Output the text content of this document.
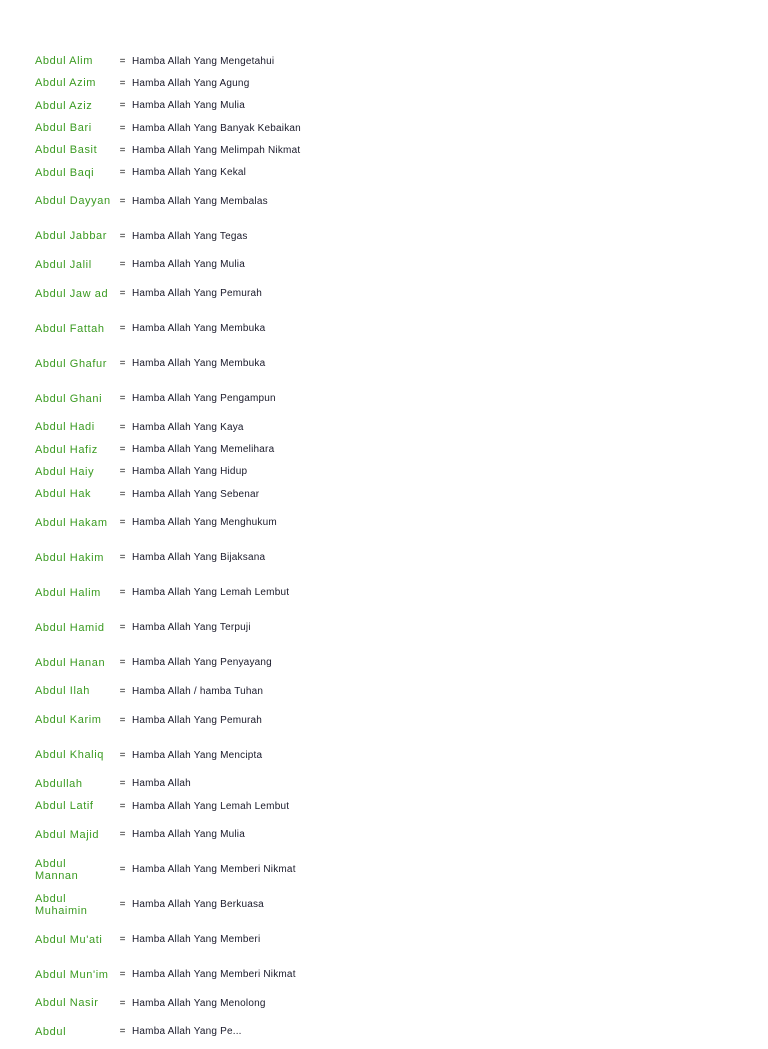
Abdul Alim	= Hamba Allah Yang Mengetahui
Abdul Azim	= Hamba Allah Yang Agung
Abdul Aziz	= Hamba Allah Yang Mulia
Abdul Bari	= Hamba Allah Yang Banyak Kebaikan
Abdul Basit	= Hamba Allah Yang Melimpah Nikmat
Abdul Baqi	= Hamba Allah Yang Kekal
Abdul Dayyan = Hamba Allah Yang Membalas
Abdul Jabbar	= Hamba Allah Yang Tegas
Abdul Jalil	= Hamba Allah Yang Mulia
Abdul Jaw ad	= Hamba Allah Yang Pemurah
Abdul Fattah	= Hamba Allah Yang Membuka
Abdul Ghafur	= Hamba Allah Yang Membuka
Abdul Ghani	= Hamba Allah Yang Pengampun
Abdul Hadi	= Hamba Allah Yang Kaya
Abdul Hafiz	= Hamba Allah Yang Memelihara
Abdul Haiy	= Hamba Allah Yang Hidup
Abdul Hak	= Hamba Allah Yang Sebenar
Abdul Hakam	= Hamba Allah Yang Menghukum
Abdul Hakim	= Hamba Allah Yang Bijaksana
Abdul Halim	= Hamba Allah Yang Lemah Lembut
Abdul Hamid	= Hamba Allah Yang Terpuji
Abdul Hanan	= Hamba Allah Yang Penyayang
Abdul Ilah	= Hamba Allah / hamba Tuhan
Abdul Karim	= Hamba Allah Yang Pemurah
Abdul Khaliq	= Hamba Allah Yang Mencipta
Abdullah	= Hamba Allah
Abdul Latif	= Hamba Allah Yang Lemah Lembut
Abdul Majid	= Hamba Allah Yang Mulia
Abdul Mannan	= Hamba Allah Yang Memberi Nikmat
Abdul Muhaimin	= Hamba Allah Yang Berkuasa
Abdul Mu'ati	= Hamba Allah Yang Memberi
Abdul Mun'im	= Hamba Allah Yang Memberi Nikmat
Abdul Nasir	= Hamba Allah Yang Menolong
Abdul	= Hamba Allah Yang Pe...
